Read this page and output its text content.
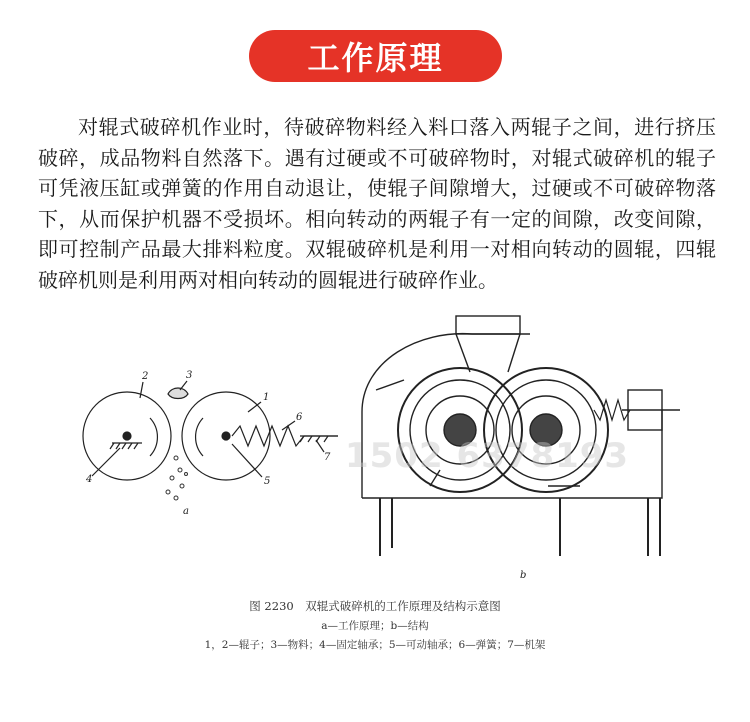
工作原理
对辊式破碎机作业时，待破碎物料经入料口落入两辊子之间，进行挤压破碎，成品物料自然落下。遇有过硬或不可破碎物时，对辊式破碎机的辊子可凭液压缸或弹簧的作用自动退让，使辊子间隙增大，过硬或不可破碎物落下，从而保护机器不受损坏。相向转动的两辊子有一定的间隙，改变间隙，即可控制产品最大排料粒度。双辊破碎机是利用一对相向转动的圆辊，四辊破碎机则是利用两对相向转动的圆辊进行破碎作业。
1502 6378193
2	3
1
6
7
4	5
a
b
图 2230　双辊式破碎机的工作原理及结构示意图
a—工作原理；b—结构
1，2—辊子；3—物料；4—固定轴承；5—可动轴承；6—弹簧；7—机架
